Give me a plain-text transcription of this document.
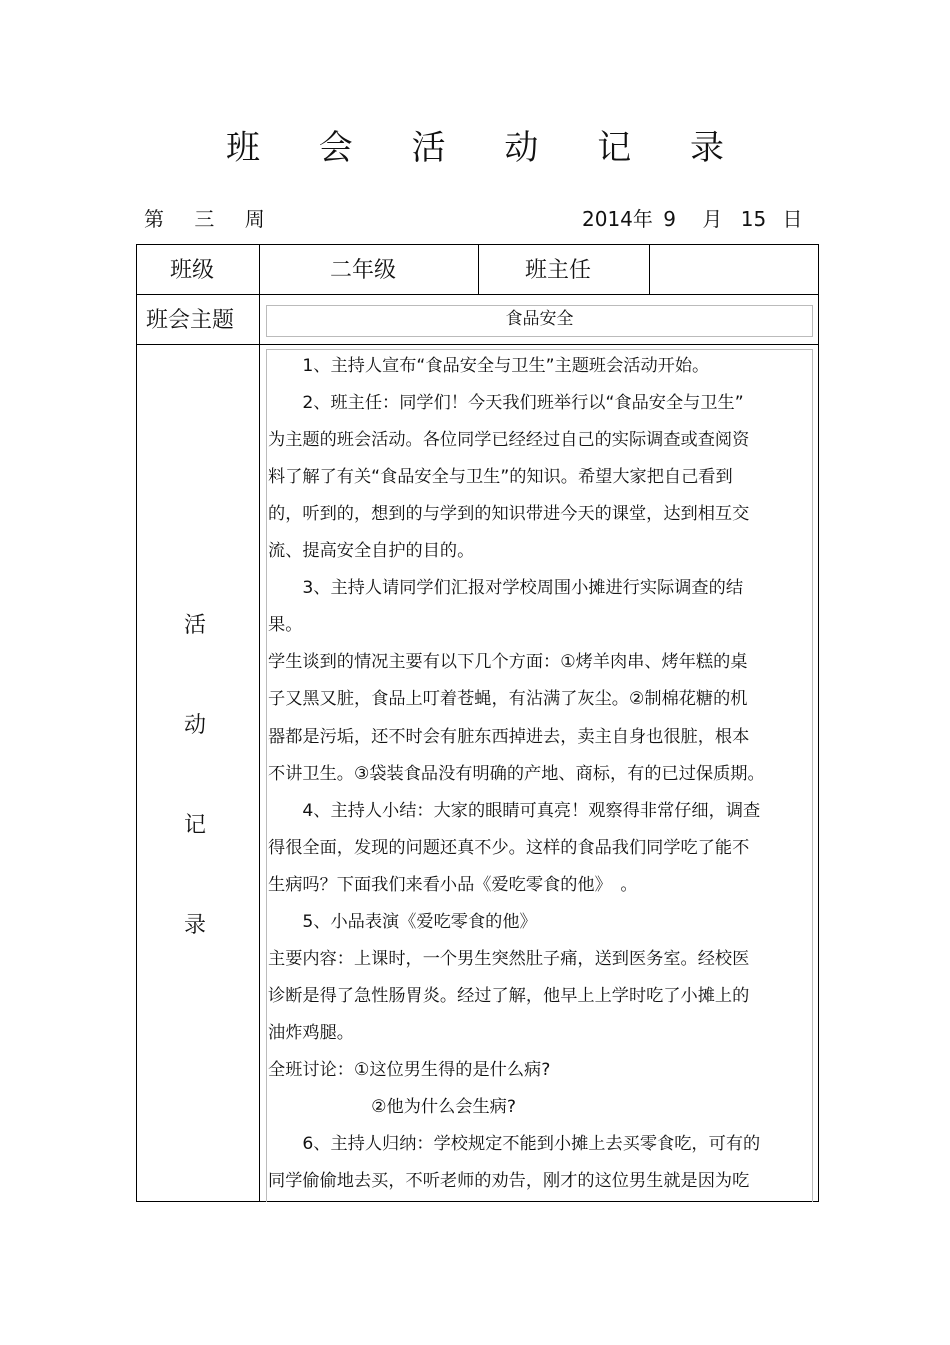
班 会 活 动 记 录
第 三 周	2014年 9 月 15 日
班级	二年级	班主任
班会主题	食品安全
活
动
记
录

　　1、主持人宣布“食品安全与卫生”主题班会活动开始。

　　2、班主任：同学们！今天我们班举行以“食品安全与卫生”

为主题的班会活动。各位同学已经经过自己的实际调查或查阅资

料了解了有关“食品安全与卫生”的知识。希望大家把自己看到

的，听到的，想到的与学到的知识带进今天的课堂，达到相互交

流、提高安全自护的目的。

　　3、主持人请同学们汇报对学校周围小摊进行实际调查的结

果。

学生谈到的情况主要有以下几个方面：①烤羊肉串、烤年糕的桌

子又黑又脏，食品上叮着苍蝇，有沾满了灰尘。②制棉花糖的机

器都是污垢，还不时会有脏东西掉进去，卖主自身也很脏，根本

不讲卫生。③袋装食品没有明确的产地、商标，有的已过保质期。

　　4、主持人小结：大家的眼睛可真亮！观察得非常仔细，调查

得很全面，发现的问题还真不少。这样的食品我们同学吃了能不

生病吗？下面我们来看小品《爱吃零食的他》　。

　　5、小品表演《爱吃零食的他》

主要内容：上课时，一个男生突然肚子痛，送到医务室。经校医

诊断是得了急性肠胃炎。经过了解，他早上上学时吃了小摊上的

油炸鸡腿。

全班讨论：①这位男生得的是什么病?

　　　　　　②他为什么会生病?

　　6、主持人归纳：学校规定不能到小摊上去买零食吃，可有的

同学偷偷地去买，不听老师的劝告，刚才的这位男生就是因为吃
